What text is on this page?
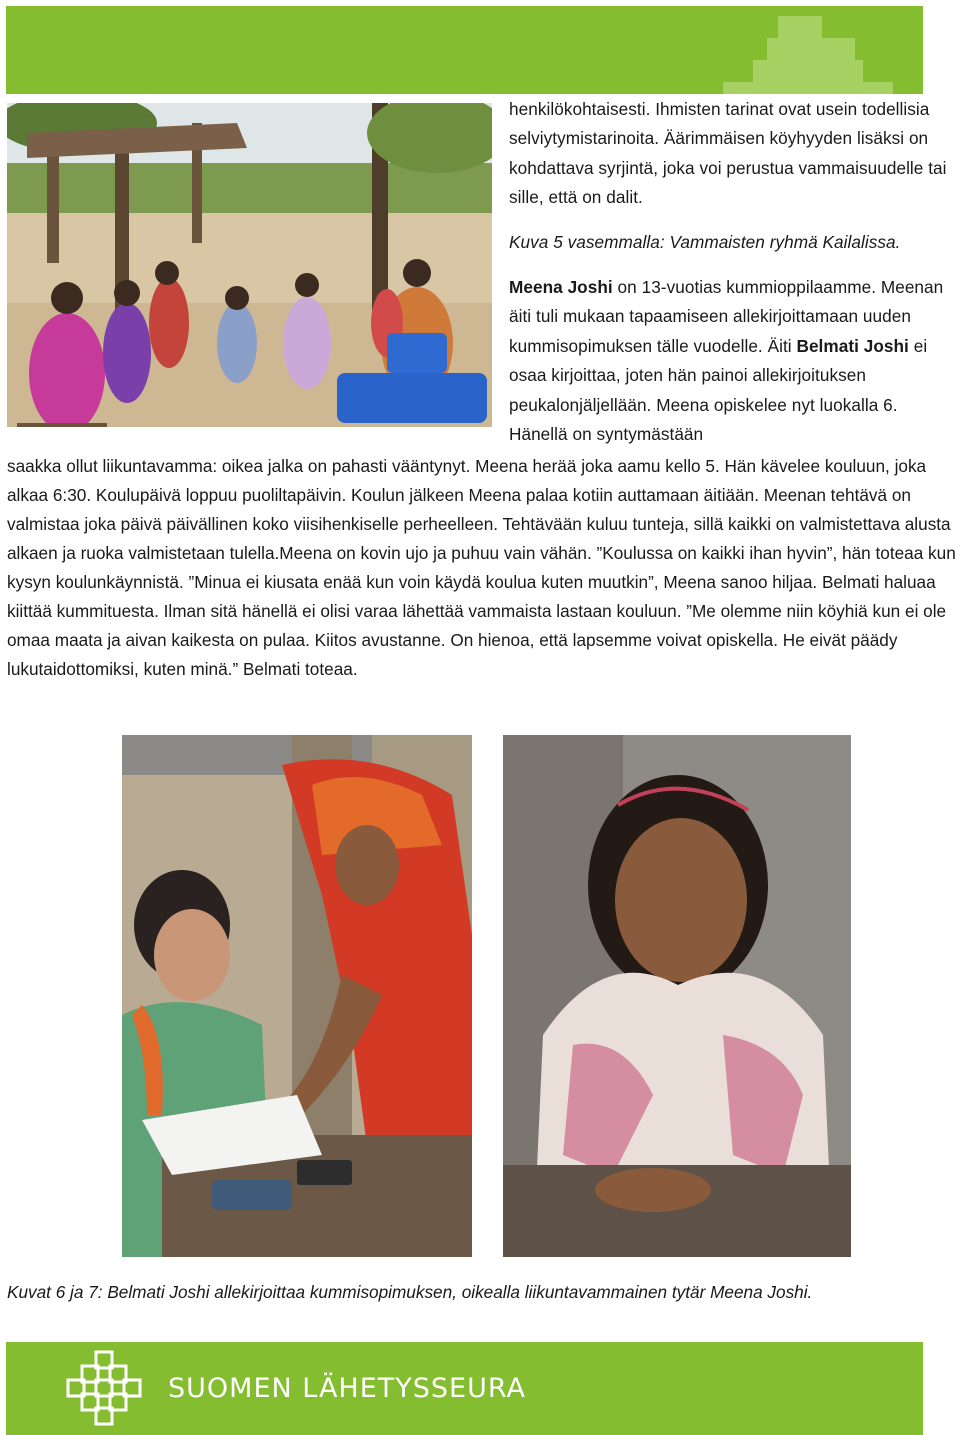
henkilökohtaisesti. Ihmisten tarinat ovat usein todellisia selviytymistarinoita. Äärimmäisen köyhyyden lisäksi on kohdattava syrjintä, joka voi perustua vammaisuudelle tai sille, että on dalit.

Kuva 5 vasemmalla: Vammaisten ryhmä Kailalissa.

Meena Joshi on 13-vuotias kummioppilaamme. Meenan äiti tuli mukaan tapaamiseen allekirjoittamaan uuden kummisopimuksen tälle vuodelle. Äiti Belmati Joshi ei osaa kirjoittaa, joten hän painoi allekirjoituksen peukalonjäljellään. Meena opiskelee nyt luokalla 6. Hänellä on syntymästään

saakka ollut liikuntavamma: oikea jalka on pahasti vääntynyt. Meena herää joka aamu kello 5. Hän kävelee kouluun, joka alkaa 6:30. Koulupäivä loppuu puoliltapäivin. Koulun jälkeen Meena palaa kotiin auttamaan äitiään. Meenan tehtävä on valmistaa joka päivä päivällinen koko viisihenkiselle perheelleen. Tehtävään kuluu tunteja, sillä kaikki on valmistettava alusta alkaen ja ruoka valmistetaan tulella.Meena on kovin ujo ja puhuu vain vähän. ”Koulussa on kaikki ihan hyvin”, hän toteaa kun kysyn koulunkäynnistä. ”Minua ei kiusata enää kun voin käydä koulua kuten muutkin”, Meena sanoo hiljaa. Belmati haluaa kiittää kummituesta. Ilman sitä hänellä ei olisi varaa lähettää vammaista lastaan kouluun. ”Me olemme niin köyhiä kun ei ole omaa maata ja aivan kaikesta on pulaa. Kiitos avustanne. On hienoa, että lapsemme voivat opiskella. He eivät päädy lukutaidottomiksi, kuten minä.” Belmati toteaa.

Kuvat 6 ja 7: Belmati Joshi allekirjoittaa kummisopimuksen, oikealla liikuntavammainen tytär Meena Joshi.
SUOMEN LÄHETYSSEURA
